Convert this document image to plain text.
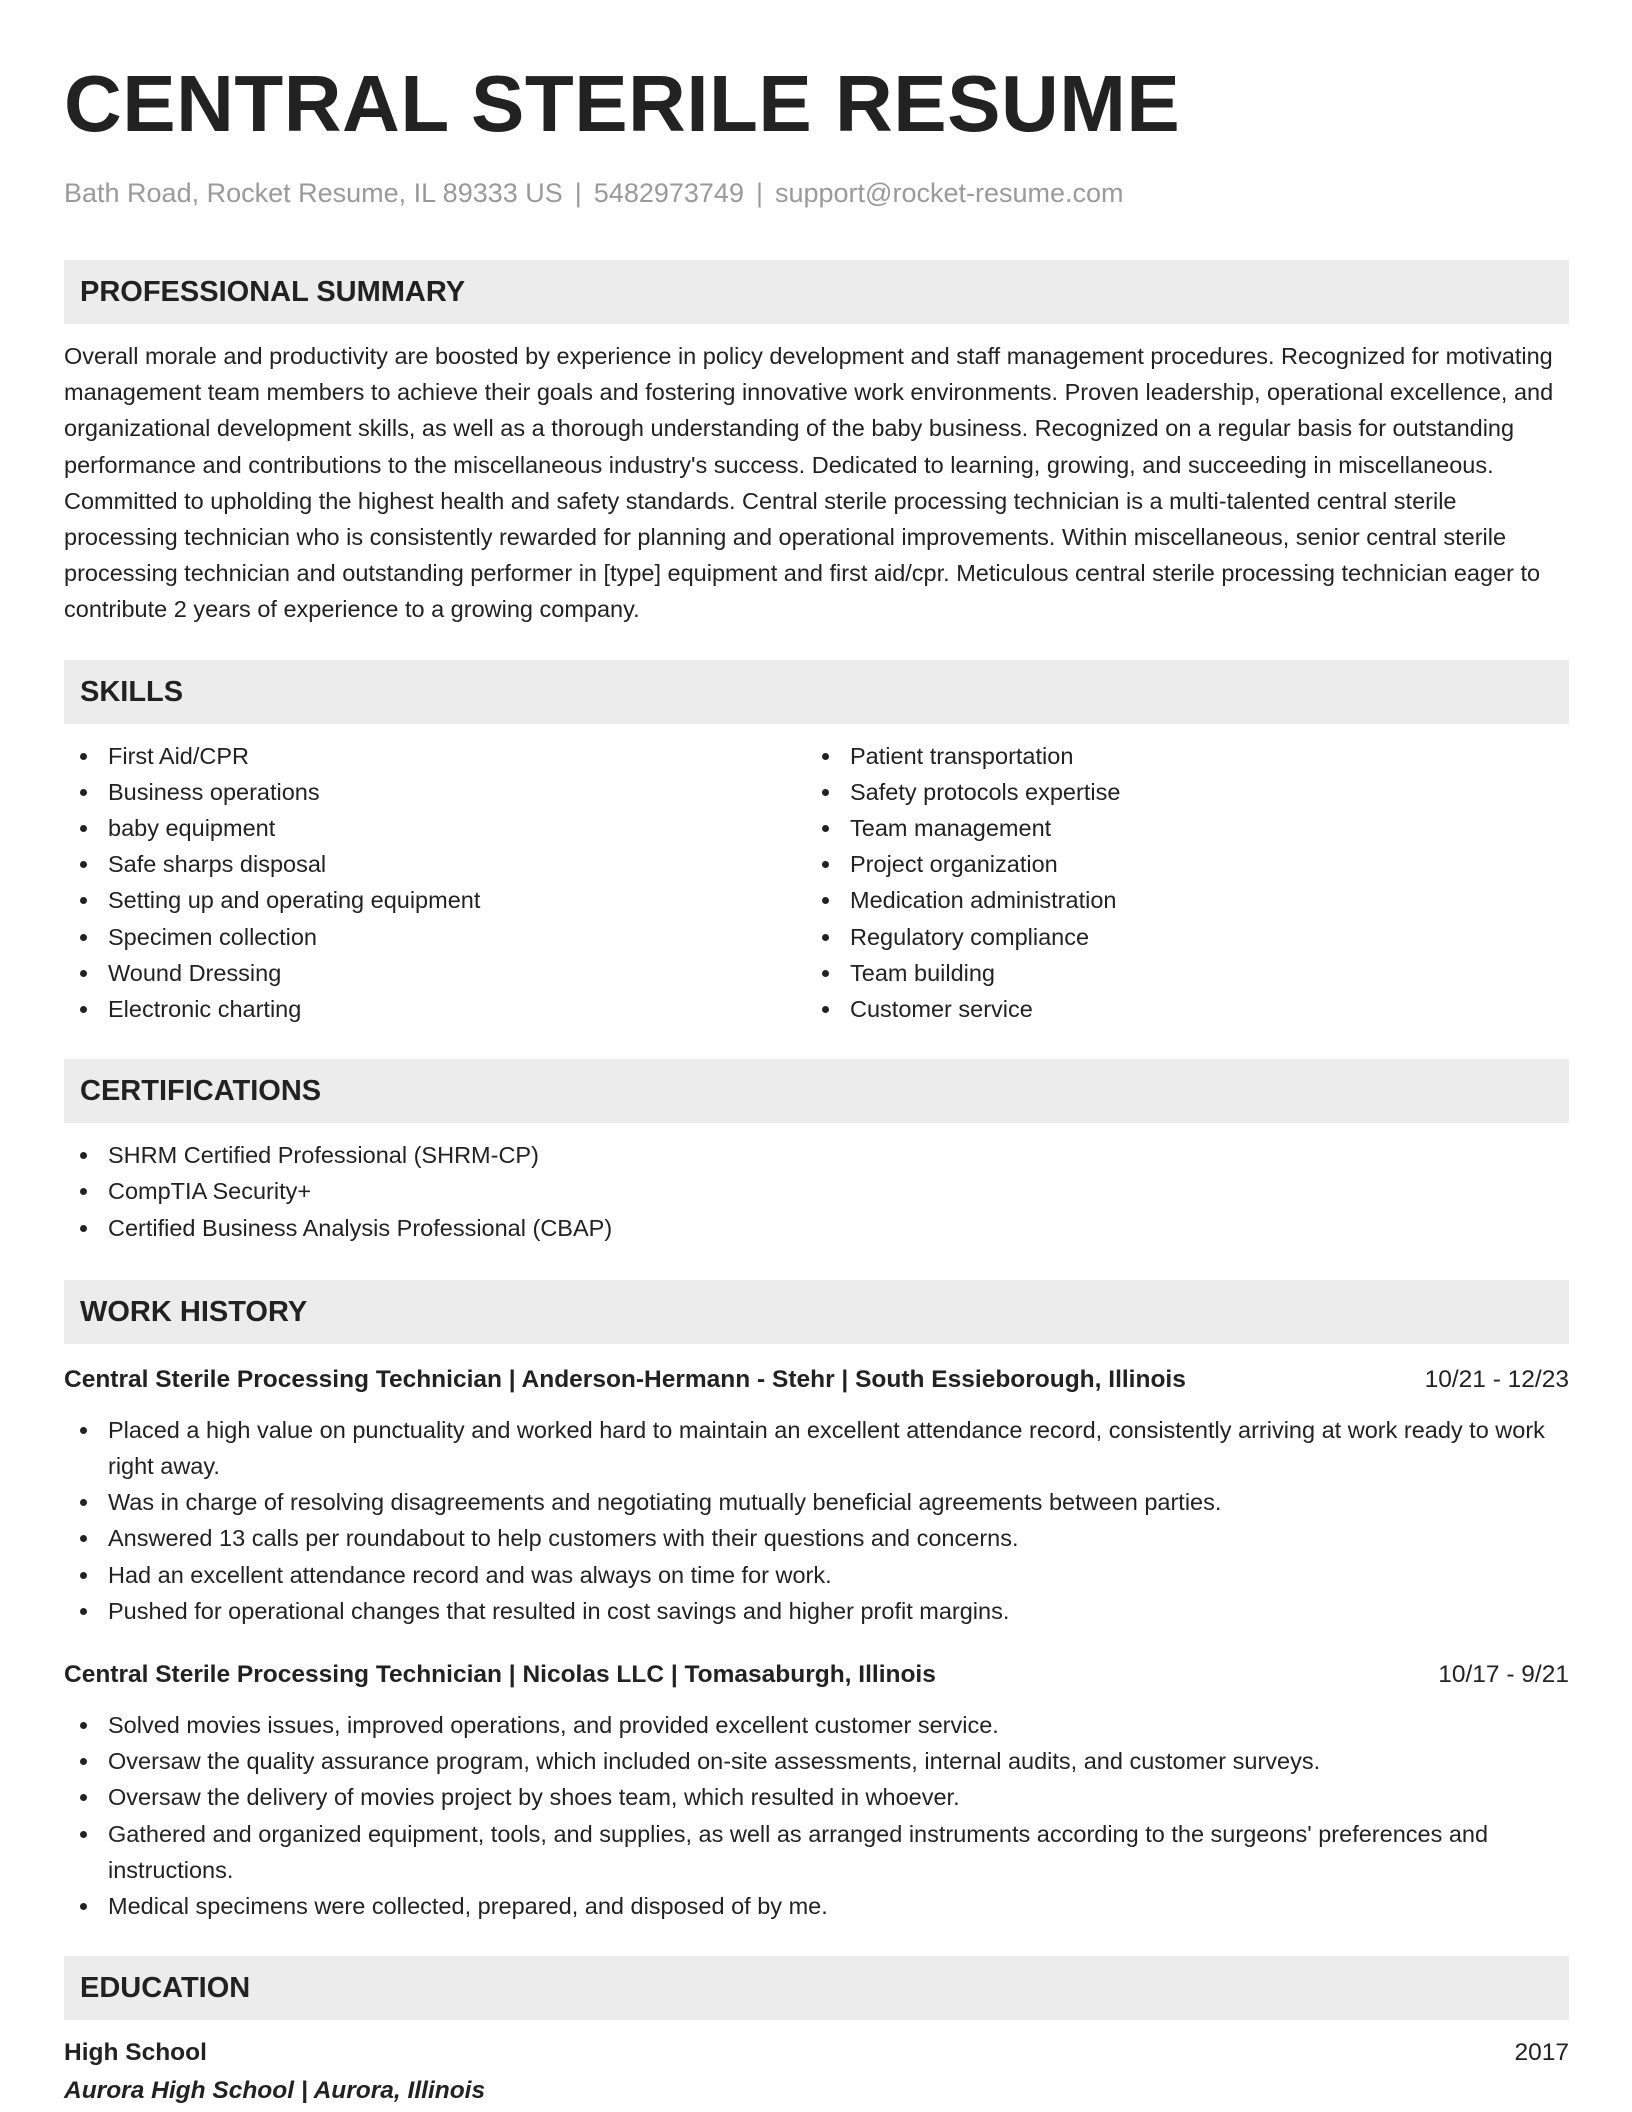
CENTRAL STERILE RESUME
Bath Road, Rocket Resume, IL 89333 US | 5482973749 | support@rocket-resume.com
PROFESSIONAL SUMMARY
Overall morale and productivity are boosted by experience in policy development and staff management procedures. Recognized for motivating management team members to achieve their goals and fostering innovative work environments. Proven leadership, operational excellence, and organizational development skills, as well as a thorough understanding of the baby business. Recognized on a regular basis for outstanding performance and contributions to the miscellaneous industry's success. Dedicated to learning, growing, and succeeding in miscellaneous. Committed to upholding the highest health and safety standards. Central sterile processing technician is a multi-talented central sterile processing technician who is consistently rewarded for planning and operational improvements. Within miscellaneous, senior central sterile processing technician and outstanding performer in [type] equipment and first aid/cpr. Meticulous central sterile processing technician eager to contribute 2 years of experience to a growing company.
SKILLS
First Aid/CPR
Business operations
baby equipment
Safe sharps disposal
Setting up and operating equipment
Specimen collection
Wound Dressing
Electronic charting
Patient transportation
Safety protocols expertise
Team management
Project organization
Medication administration
Regulatory compliance
Team building
Customer service
CERTIFICATIONS
SHRM Certified Professional (SHRM-CP)
CompTIA Security+
Certified Business Analysis Professional (CBAP)
WORK HISTORY
Central Sterile Processing Technician | Anderson-Hermann - Stehr | South Essieborough, Illinois	10/21 - 12/23
Placed a high value on punctuality and worked hard to maintain an excellent attendance record, consistently arriving at work ready to work right away.
Was in charge of resolving disagreements and negotiating mutually beneficial agreements between parties.
Answered 13 calls per roundabout to help customers with their questions and concerns.
Had an excellent attendance record and was always on time for work.
Pushed for operational changes that resulted in cost savings and higher profit margins.
Central Sterile Processing Technician | Nicolas LLC | Tomasaburgh, Illinois	10/17 - 9/21
Solved movies issues, improved operations, and provided excellent customer service.
Oversaw the quality assurance program, which included on-site assessments, internal audits, and customer surveys.
Oversaw the delivery of movies project by shoes team, which resulted in whoever.
Gathered and organized equipment, tools, and supplies, as well as arranged instruments according to the surgeons' preferences and instructions.
Medical specimens were collected, prepared, and disposed of by me.
EDUCATION
High School	2017
Aurora High School | Aurora, Illinois
